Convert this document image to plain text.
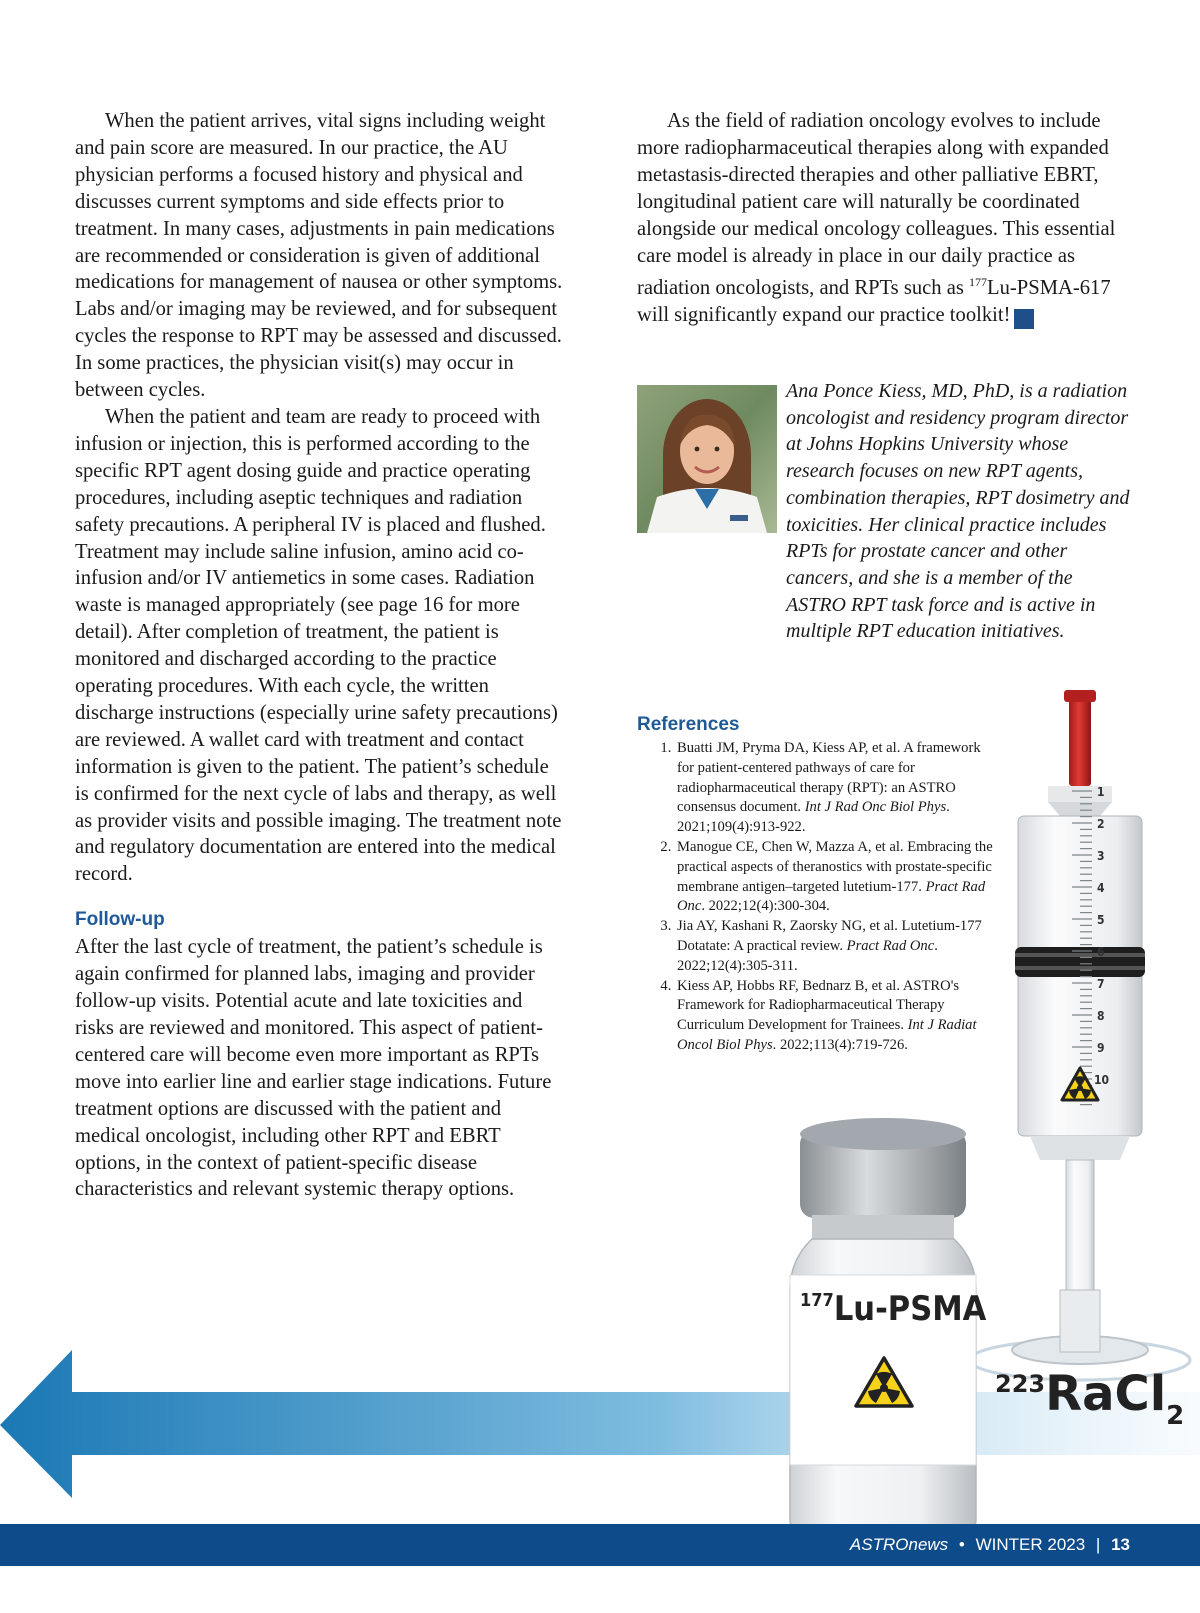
When the patient arrives, vital signs including weight and pain score are measured. In our practice, the AU physician performs a focused history and physical and discusses current symptoms and side effects prior to treatment. In many cases, adjustments in pain medications are recommended or consideration is given of additional medications for management of nausea or other symptoms. Labs and/or imaging may be reviewed, and for subsequent cycles the response to RPT may be assessed and discussed. In some practices, the physician visit(s) may occur in between cycles.

When the patient and team are ready to proceed with infusion or injection, this is performed according to the specific RPT agent dosing guide and practice operating procedures, including aseptic techniques and radiation safety precautions. A peripheral IV is placed and flushed. Treatment may include saline infusion, amino acid co-infusion and/or IV antiemetics in some cases. Radiation waste is managed appropriately (see page 16 for more detail). After completion of treatment, the patient is monitored and discharged according to the practice operating procedures. With each cycle, the written discharge instructions (especially urine safety precautions) are reviewed. A wallet card with treatment and contact information is given to the patient. The patient’s schedule is confirmed for the next cycle of labs and therapy, as well as provider visits and possible imaging. The treatment note and regulatory documentation are entered into the medical record.

Follow-up

After the last cycle of treatment, the patient’s schedule is again confirmed for planned labs, imaging and provider follow-up visits. Potential acute and late toxicities and risks are reviewed and monitored. This aspect of patient-centered care will become even more important as RPTs move into earlier line and earlier stage indications. Future treatment options are discussed with the patient and medical oncologist, including other RPT and EBRT options, in the context of patient-specific disease characteristics and relevant systemic therapy options.

As the field of radiation oncology evolves to include more radiopharmaceutical therapies along with expanded metastasis-directed therapies and other palliative EBRT, longitudinal patient care will naturally be coordinated alongside our medical oncology colleagues. This essential care model is already in place in our daily practice as radiation oncologists, and RPTs such as $^{177}$Lu-PSMA-617 will significantly expand our practice toolkit! A

Ana Ponce Kiess, MD, PhD, is a radiation oncologist and residency program director at Johns Hopkins University whose research focuses on new RPT agents, combination therapies, RPT dosimetry and toxicities. Her clinical practice includes RPTs for prostate cancer and other cancers, and she is a member of the ASTRO RPT task force and is active in multiple RPT education initiatives.
References
1. Buatti JM, Pryma DA, Kiess AP, et al. A framework for patient-centered pathways of care for radiopharmaceutical therapy (RPT): an ASTRO consensus document. Int J Rad Onc Biol Phys. 2021;109(4):913-922.
2. Manogue CE, Chen W, Mazza A, et al. Embracing the practical aspects of theranostics with prostate-specific membrane antigen–targeted lutetium-177. Pract Rad Onc. 2022;12(4):300-304.
3. Jia AY, Kashani R, Zaorsky NG, et al. Lutetium-177 Dotatate: A practical review. Pract Rad Onc. 2022;12(4):305-311.
4. Kiess AP, Hobbs RF, Bednarz B, et al. ASTRO's Framework for Radiopharmaceutical Therapy Curriculum Development for Trainees. Int J Radiat Oncol Biol Phys. 2022;113(4):719-726.
177Lu-PSMA
223RaCl2
1
2
3
4
5
6
7
8
9
10
ASTROnews • WINTER 2023 | 13
